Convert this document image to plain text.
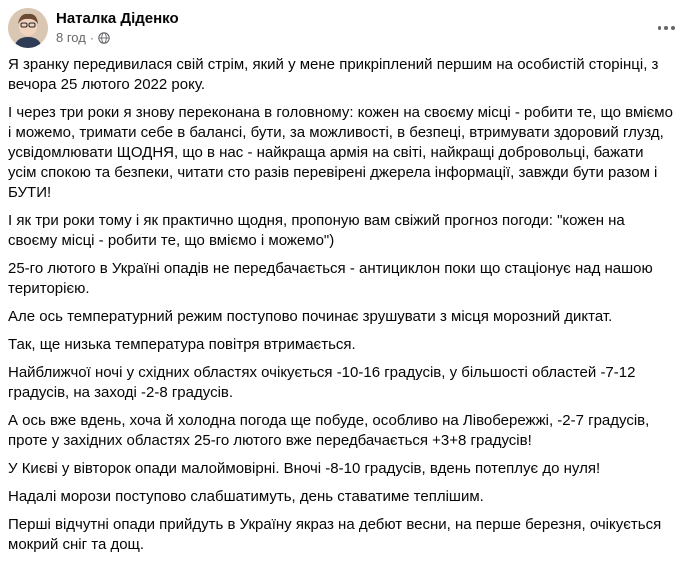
Наталка Діденко
8 год ·

Я зранку передивилася свій стрім, який у мене прикріплений першим на особистій сторінці, з вечора 25 лютого 2022 року.

І через три роки я знову переконана в головному: кожен на своєму місці - робити те, що вміємо і можемо, тримати себе в балансі, бути, за можливості, в безпеці, втримувати здоровий глузд, усвідомлювати ЩОДНЯ, що в нас - найкраща армія на світі, найкращі добровольці, бажати усім спокою та безпеки, читати сто разів перевірені джерела інформації, завжди бути разом і БУТИ!

І як три роки тому і як практично щодня, пропоную вам свіжий прогноз погоди: "кожен на своєму місці - робити те, що вміємо і можемо")

25-го лютого в Україні опадів не передбачається - антициклон поки що стаціонує над нашою територією.

Але ось температурний режим поступово починає зрушувати з місця морозний диктат.

Так, ще низька температура повітря втримається.

Найближчої ночі у східних областях очікується -10-16 градусів, у більшості областей -7-12 градусів, на заході -2-8 градусів.

А ось вже вдень, хоча й холодна погода ще побуде, особливо на Лівобережжі, -2-7 градусів, проте у західних областях 25-го лютого вже передбачається +3+8 градусів!

У Києві у вівторок опади малоймовірні. Вночі -8-10 градусів, вдень потеплує до нуля!

Надалі морози поступово слабшатимуть, день ставатиме теплішим.

Перші відчутні опади прийдуть в Україну якраз на дебют весни, на перше березня, очікується мокрий сніг та дощ.
